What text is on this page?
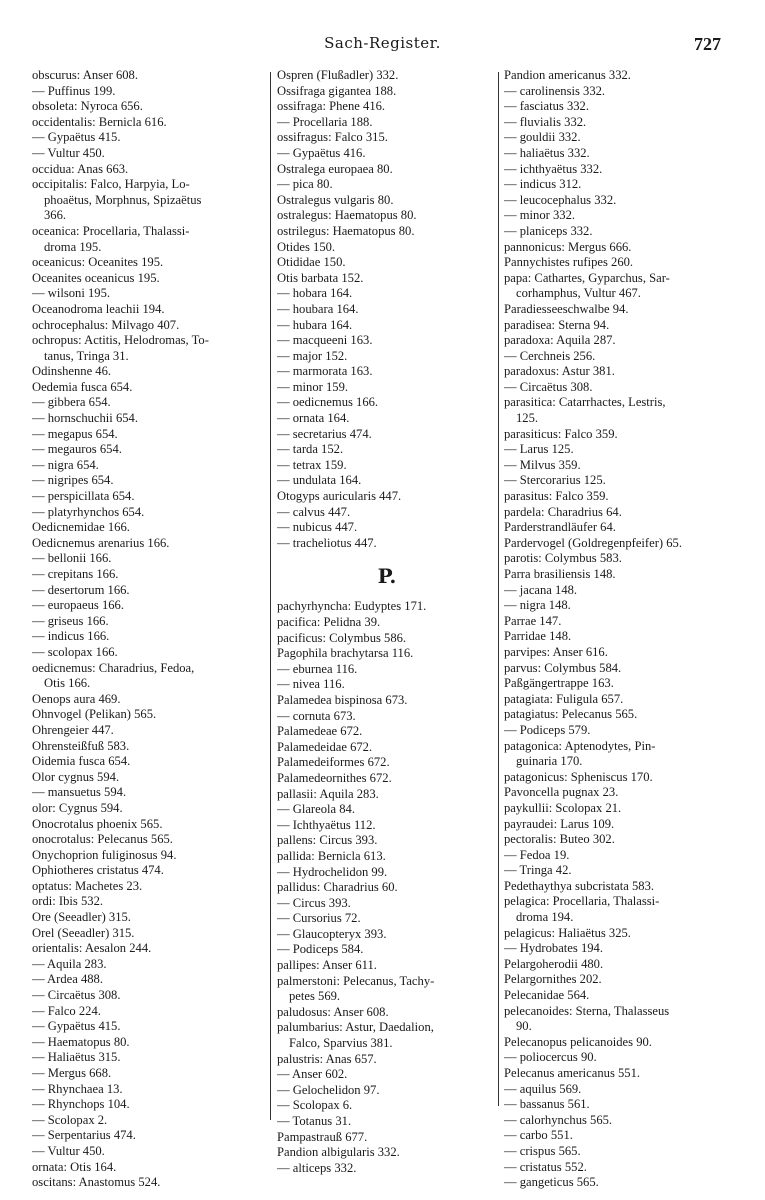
Sach-Register.	727
obscurus: Anser 608.
— Puffinus 199.
obsoleta: Nyroca 656.
occidentalis: Bernicla 616.
— Gypaëtus 415.
— Vultur 450.
occidua: Anas 663.
occipitalis: Falco, Harpyia, Lo-
phoaëtus, Morphnus, Spizaëtus
366.
oceanica: Procellaria, Thalassi-
droma 195.
oceanicus: Oceanites 195.
Oceanites oceanicus 195.
— wilsoni 195.
Oceanodroma leachii 194.
ochrocephalus: Milvago 407.
ochropus: Actitis, Helodromas, To-
tanus, Tringa 31.
Odinshenne 46.
Oedemia fusca 654.
— gibbera 654.
— hornschuchii 654.
— megapus 654.
— megauros 654.
— nigra 654.
— nigripes 654.
— perspicillata 654.
— platyrhynchos 654.
Oedicnemidae 166.
Oedicnemus arenarius 166.
— bellonii 166.
— crepitans 166.
— desertorum 166.
— europaeus 166.
— griseus 166.
— indicus 166.
— scolopax 166.
oedicnemus: Charadrius, Fedoa,
Otis 166.
Oenops aura 469.
Ohnvogel (Pelikan) 565.
Ohrengeier 447.
Ohrensteißfuß 583.
Oidemia fusca 654.
Olor cygnus 594.
— mansuetus 594.
olor: Cygnus 594.
Onocrotalus phoenix 565.
onocrotalus: Pelecanus 565.
Onychoprion fuliginosus 94.
Ophiotheres cristatus 474.
optatus: Machetes 23.
ordi: Ibis 532.
Ore (Seeadler) 315.
Orel (Seeadler) 315.
orientalis: Aesalon 244.
— Aquila 283.
— Ardea 488.
— Circaëtus 308.
— Falco 224.
— Gypaëtus 415.
— Haematopus 80.
— Haliaëtus 315.
— Mergus 668.
— Rhynchaea 13.
— Rhynchops 104.
— Scolopax 2.
— Serpentarius 474.
— Vultur 450.
ornata: Otis 164.
oscitans: Anastomus 524.
Ospren (Flußadler) 332.
Ossifraga gigantea 188.
ossifraga: Phene 416.
— Procellaria 188.
ossifragus: Falco 315.
— Gypaëtus 416.
Ostralega europaea 80.
— pica 80.
Ostralegus vulgaris 80.
ostralegus: Haematopus 80.
ostrilegus: Haematopus 80.
Otides 150.
Otididae 150.
Otis barbata 152.
— hobara 164.
— houbara 164.
— hubara 164.
— macqueeni 163.
— major 152.
— marmorata 163.
— minor 159.
— oedicnemus 166.
— ornata 164.
— secretarius 474.
— tarda 152.
— tetrax 159.
— undulata 164.
Otogyps auricularis 447.
— calvus 447.
— nubicus 447.
— tracheliotus 447.
P.
pachyrhyncha: Eudyptes 171.
pacifica: Pelidna 39.
pacificus: Colymbus 586.
Pagophila brachytarsa 116.
— eburnea 116.
— nivea 116.
Palamedea bispinosa 673.
— cornuta 673.
Palamedeae 672.
Palamedeidae 672.
Palamedeiformes 672.
Palamedeornithes 672.
pallasii: Aquila 283.
— Glareola 84.
— Ichthyaëtus 112.
pallens: Circus 393.
pallida: Bernicla 613.
— Hydrochelidon 99.
pallidus: Charadrius 60.
— Circus 393.
— Cursorius 72.
— Glaucopteryx 393.
— Podiceps 584.
pallipes: Anser 611.
palmerstoni: Pelecanus, Tachy-
petes 569.
paludosus: Anser 608.
palumbarius: Astur, Daedalion,
Falco, Sparvius 381.
palustris: Anas 657.
— Anser 602.
— Gelochelidon 97.
— Scolopax 6.
— Totanus 31.
Pampastrauß 677.
Pandion albigularis 332.
— alticeps 332.
Pandion americanus 332.
— carolinensis 332.
— fasciatus 332.
— fluvialis 332.
— gouldii 332.
— haliaëtus 332.
— ichthyaëtus 332.
— indicus 312.
— leucocephalus 332.
— minor 332.
— planiceps 332.
pannonicus: Mergus 666.
Pannychistes rufipes 260.
papa: Cathartes, Gyparchus, Sar-
corhamphus, Vultur 467.
Paradiesseeschwalbe 94.
paradisea: Sterna 94.
paradoxa: Aquila 287.
— Cerchneis 256.
paradoxus: Astur 381.
— Circaëtus 308.
parasitica: Catarrhactes, Lestris,
125.
parasiticus: Falco 359.
— Larus 125.
— Milvus 359.
— Stercorarius 125.
parasitus: Falco 359.
pardela: Charadrius 64.
Parderstrandläufer 64.
Pardervogel (Goldregenpfeifer) 65.
parotis: Colymbus 583.
Parra brasiliensis 148.
— jacana 148.
— nigra 148.
Parrae 147.
Parridae 148.
parvipes: Anser 616.
parvus: Colymbus 584.
Paßgängertrappe 163.
patagiata: Fuligula 657.
patagiatus: Pelecanus 565.
— Podiceps 579.
patagonica: Aptenodytes, Pin-
guinaria 170.
patagonicus: Spheniscus 170.
Pavoncella pugnax 23.
paykullii: Scolopax 21.
payraudei: Larus 109.
pectoralis: Buteo 302.
— Fedoa 19.
— Tringa 42.
Pedethaythya subcristata 583.
pelagica: Procellaria, Thalassi-
droma 194.
pelagicus: Haliaëtus 325.
— Hydrobates 194.
Pelargoherodii 480.
Pelargornithes 202.
Pelecanidae 564.
pelecanoides: Sterna, Thalasseus
90.
Pelecanopus pelicanoides 90.
— poliocercus 90.
Pelecanus americanus 551.
— aquilus 569.
— bassanus 561.
— calorhynchus 565.
— carbo 551.
— crispus 565.
— cristatus 552.
— gangeticus 565.
